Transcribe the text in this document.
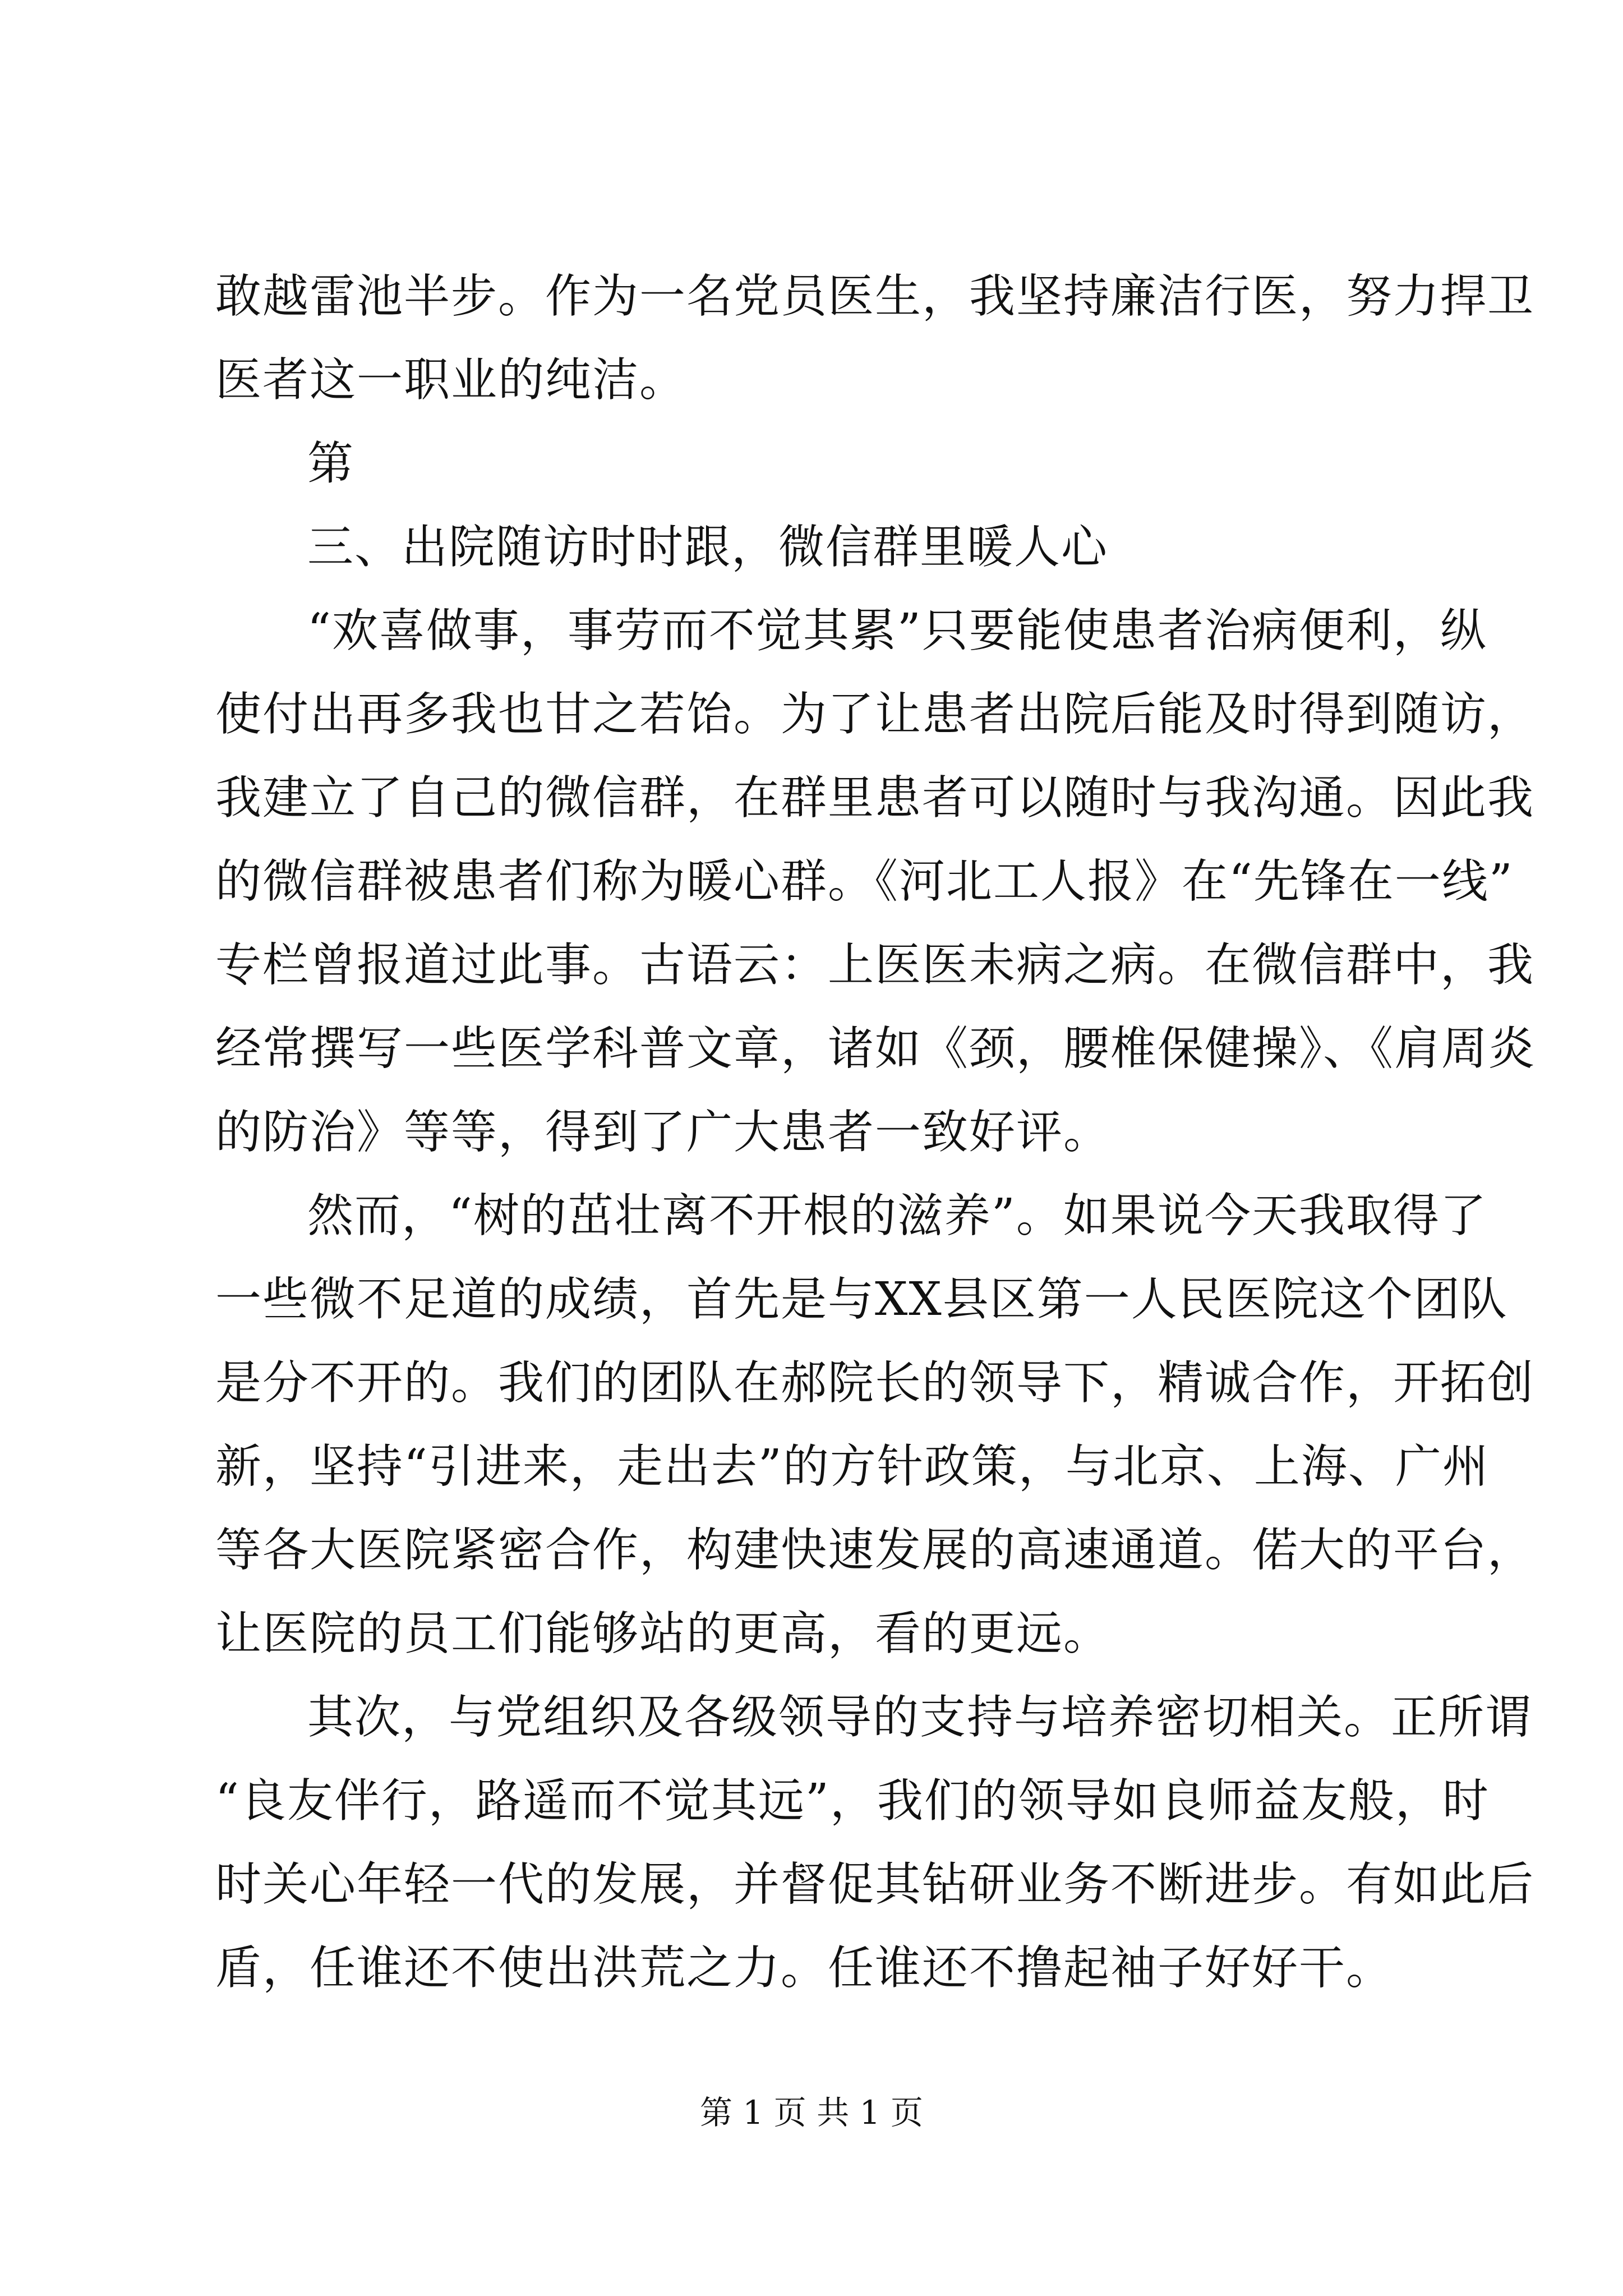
敢越雷池半步。作为一名党员医生，我坚持廉洁行医，努力捍卫
医者这一职业的纯洁。
第
三、出院随访时时跟，微信群里暖人心
“欢喜做事，事劳而不觉其累”只要能使患者治病便利，纵
使付出再多我也甘之若饴。为了让患者出院后能及时得到随访，
我建立了自己的微信群，在群里患者可以随时与我沟通。因此我
的微信群被患者们称为暖心群。《河北工人报》在“先锋在一线”
专栏曾报道过此事。古语云：上医医未病之病。在微信群中，我
经常撰写一些医学科普文章，诸如《颈，腰椎保健操》、《肩周炎
的防治》等等，得到了广大患者一致好评。
然而，“树的茁壮离不开根的滋养”。如果说今天我取得了
一些微不足道的成绩，首先是与XX县区第一人民医院这个团队
是分不开的。我们的团队在郝院长的领导下，精诚合作，开拓创
新，坚持“引进来，走出去”的方针政策，与北京、上海、广州
等各大医院紧密合作，构建快速发展的高速通道。偌大的平台，
让医院的员工们能够站的更高，看的更远。
其次，与党组织及各级领导的支持与培养密切相关。正所谓
“良友伴行，路遥而不觉其远”，我们的领导如良师益友般，时
时关心年轻一代的发展，并督促其钻研业务不断进步。有如此后
盾，任谁还不使出洪荒之力。任谁还不撸起袖子好好干。
第 1 页 共 1 页
